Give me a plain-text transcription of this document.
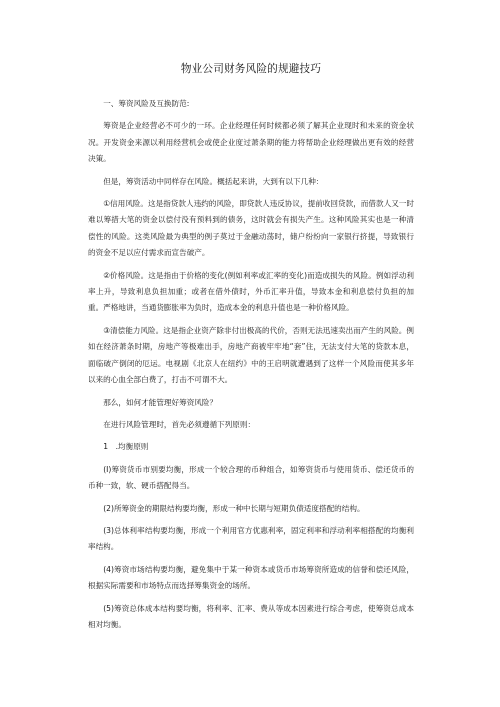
物业公司财务风险的规避技巧

一、筹资风险及互换防范:

筹资是企业经营必不可少的一环。企业经理任何时候都必须了解其企业现时和未来的资金状况。开发资金来源以利用经营机会或使企业度过萧条期的能力将帮助企业经理做出更有效的经营决策。

但是，筹资活动中同样存在风险。概括起来讲，大到有以下几种：

①信用风险。这是指贷款人违约的风险，即贷款人违反协议，提前收回贷款，而借款人又一时难以筹措大笔的资金以偿付没有预料到的债务，这时就会有损失产生。这种风险其实也是一种清偿性的风险。这类风险最为典型的例子莫过于金融动荡时，储户纷纷向一家银行挤提，导致银行的资金不足以应付需求而宣告破产。

②价格风险。这是指由于价格的变化(例如利率或汇率的变化)而造成损失的风险。例如浮动利率上升，导致利息负担加重；或者在借外债时，外币汇率升值，导致本金和利息偿付负担的加重。严格地讲，当通货膨胀率为负时，造成本金的利息升值也是一种价格风险。

③清偿能力风险。这是指企业资产除非付出极高的代价，否则无法迅速卖出而产生的风险。例如在经济萧条时期，房地产等极难出手，房地产商被牢牢地“套”住，无法支付大笔的贷款本息，面临破产倒闭的厄运。电视剧《北京人在纽约》中的王启明就遭遇到了这样一个风险而使其多年以来的心血全部白费了，打击不可谓不大。

那么，如何才能管理好筹资风险？

在进行风险管理时，首先必须遵循下列原则：

1　.均衡原则

(I)筹资货币市别要均衡，形成一个较合理的币种组合，如筹资货币与使用货币、偿还货币的币种一致，软、硬币搭配得当。

(2)所筹资金的期限结构要均衡，形成一种中长期与短期负债适度搭配的结构。

(3)总体利率结构要均衡，形成一个利用官方优惠利率，固定利率和浮动利率相搭配的均衡利率结构。

(4)筹资市场结构要均衡，避免集中于某一种资本或货币市场筹资所造成的信誉和偿还风险，根据实际需要和市场特点而选择筹集资金的场所。

(5)筹资总体成本结构要均衡，将利率、汇率、费从等成本因素进行综合考虑，使筹资总成本相对均衡。
